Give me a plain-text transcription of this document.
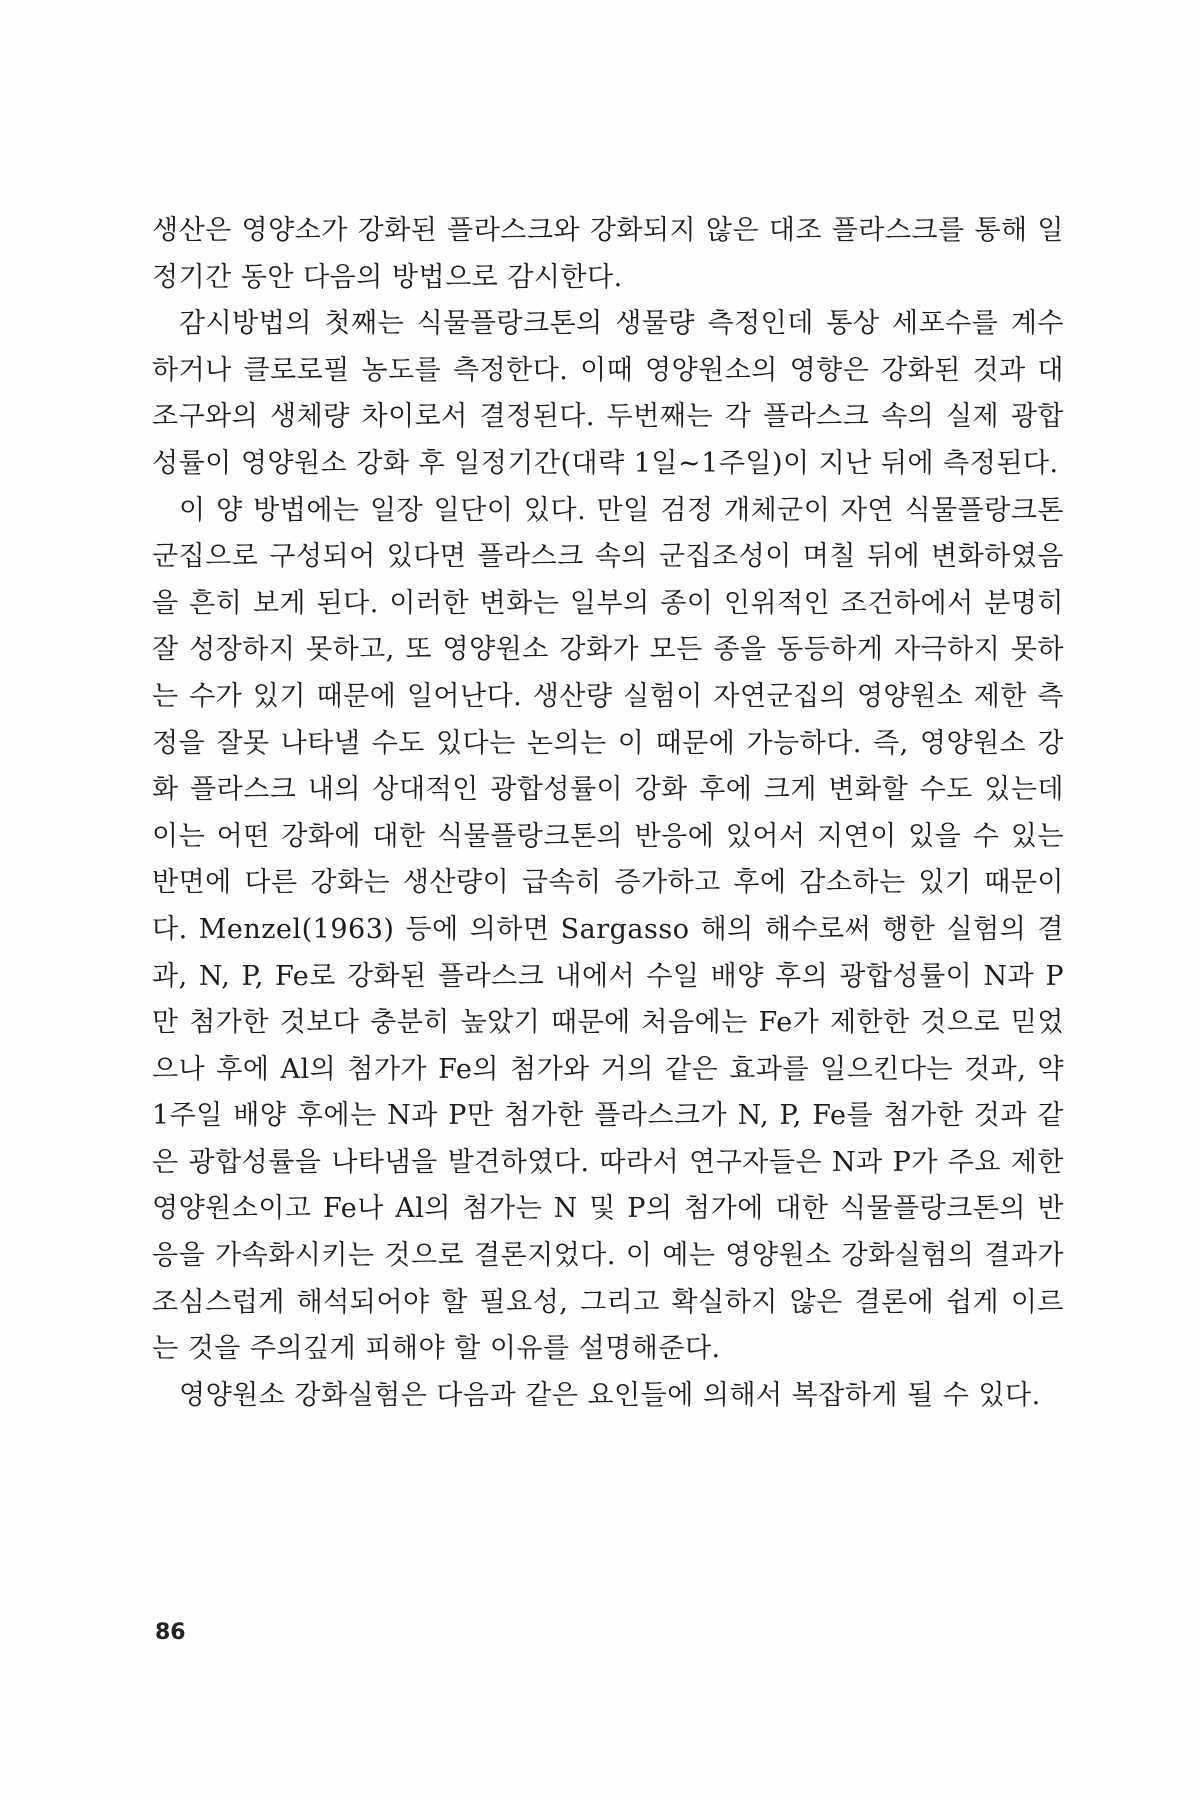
생산은 영양소가 강화된 플라스크와 강화되지 않은 대조 플라스크를 통해 일정기간 동안 다음의 방법으로 감시한다.

감시방법의 첫째는 식물플랑크톤의 생물량 측정인데 통상 세포수를 계수하거나 클로로필 농도를 측정한다. 이때 영양원소의 영향은 강화된 것과 대조구와의 생체량 차이로서 결정된다. 두번째는 각 플라스크 속의 실제 광합성률이 영양원소 강화 후 일정기간(대략 1일~1주일)이 지난 뒤에 측정된다.

이 양 방법에는 일장 일단이 있다. 만일 검정 개체군이 자연 식물플랑크톤 군집으로 구성되어 있다면 플라스크 속의 군집조성이 며칠 뒤에 변화하였음을 흔히 보게 된다. 이러한 변화는 일부의 종이 인위적인 조건하에서 분명히 잘 성장하지 못하고, 또 영양원소 강화가 모든 종을 동등하게 자극하지 못하는 수가 있기 때문에 일어난다. 생산량 실험이 자연군집의 영양원소 제한 측정을 잘못 나타낼 수도 있다는 논의는 이 때문에 가능하다. 즉, 영양원소 강화 플라스크 내의 상대적인 광합성률이 강화 후에 크게 변화할 수도 있는데 이는 어떤 강화에 대한 식물플랑크톤의 반응에 있어서 지연이 있을 수 있는 반면에 다른 강화는 생산량이 급속히 증가하고 후에 감소하는 있기 때문이다. Menzel(1963) 등에 의하면 Sargasso 해의 해수로써 행한 실험의 결과, N, P, Fe로 강화된 플라스크 내에서 수일 배양 후의 광합성률이 N과 P만 첨가한 것보다 충분히 높았기 때문에 처음에는 Fe가 제한한 것으로 믿었으나 후에 Al의 첨가가 Fe의 첨가와 거의 같은 효과를 일으킨다는 것과, 약 1주일 배양 후에는 N과 P만 첨가한 플라스크가 N, P, Fe를 첨가한 것과 같은 광합성률을 나타냄을 발견하였다. 따라서 연구자들은 N과 P가 주요 제한 영양원소이고 Fe나 Al의 첨가는 N 및 P의 첨가에 대한 식물플랑크톤의 반응을 가속화시키는 것으로 결론지었다. 이 예는 영양원소 강화실험의 결과가 조심스럽게 해석되어야 할 필요성, 그리고 확실하지 않은 결론에 쉽게 이르는 것을 주의깊게 피해야 할 이유를 설명해준다.

영양원소 강화실험은 다음과 같은 요인들에 의해서 복잡하게 될 수 있다.

86
